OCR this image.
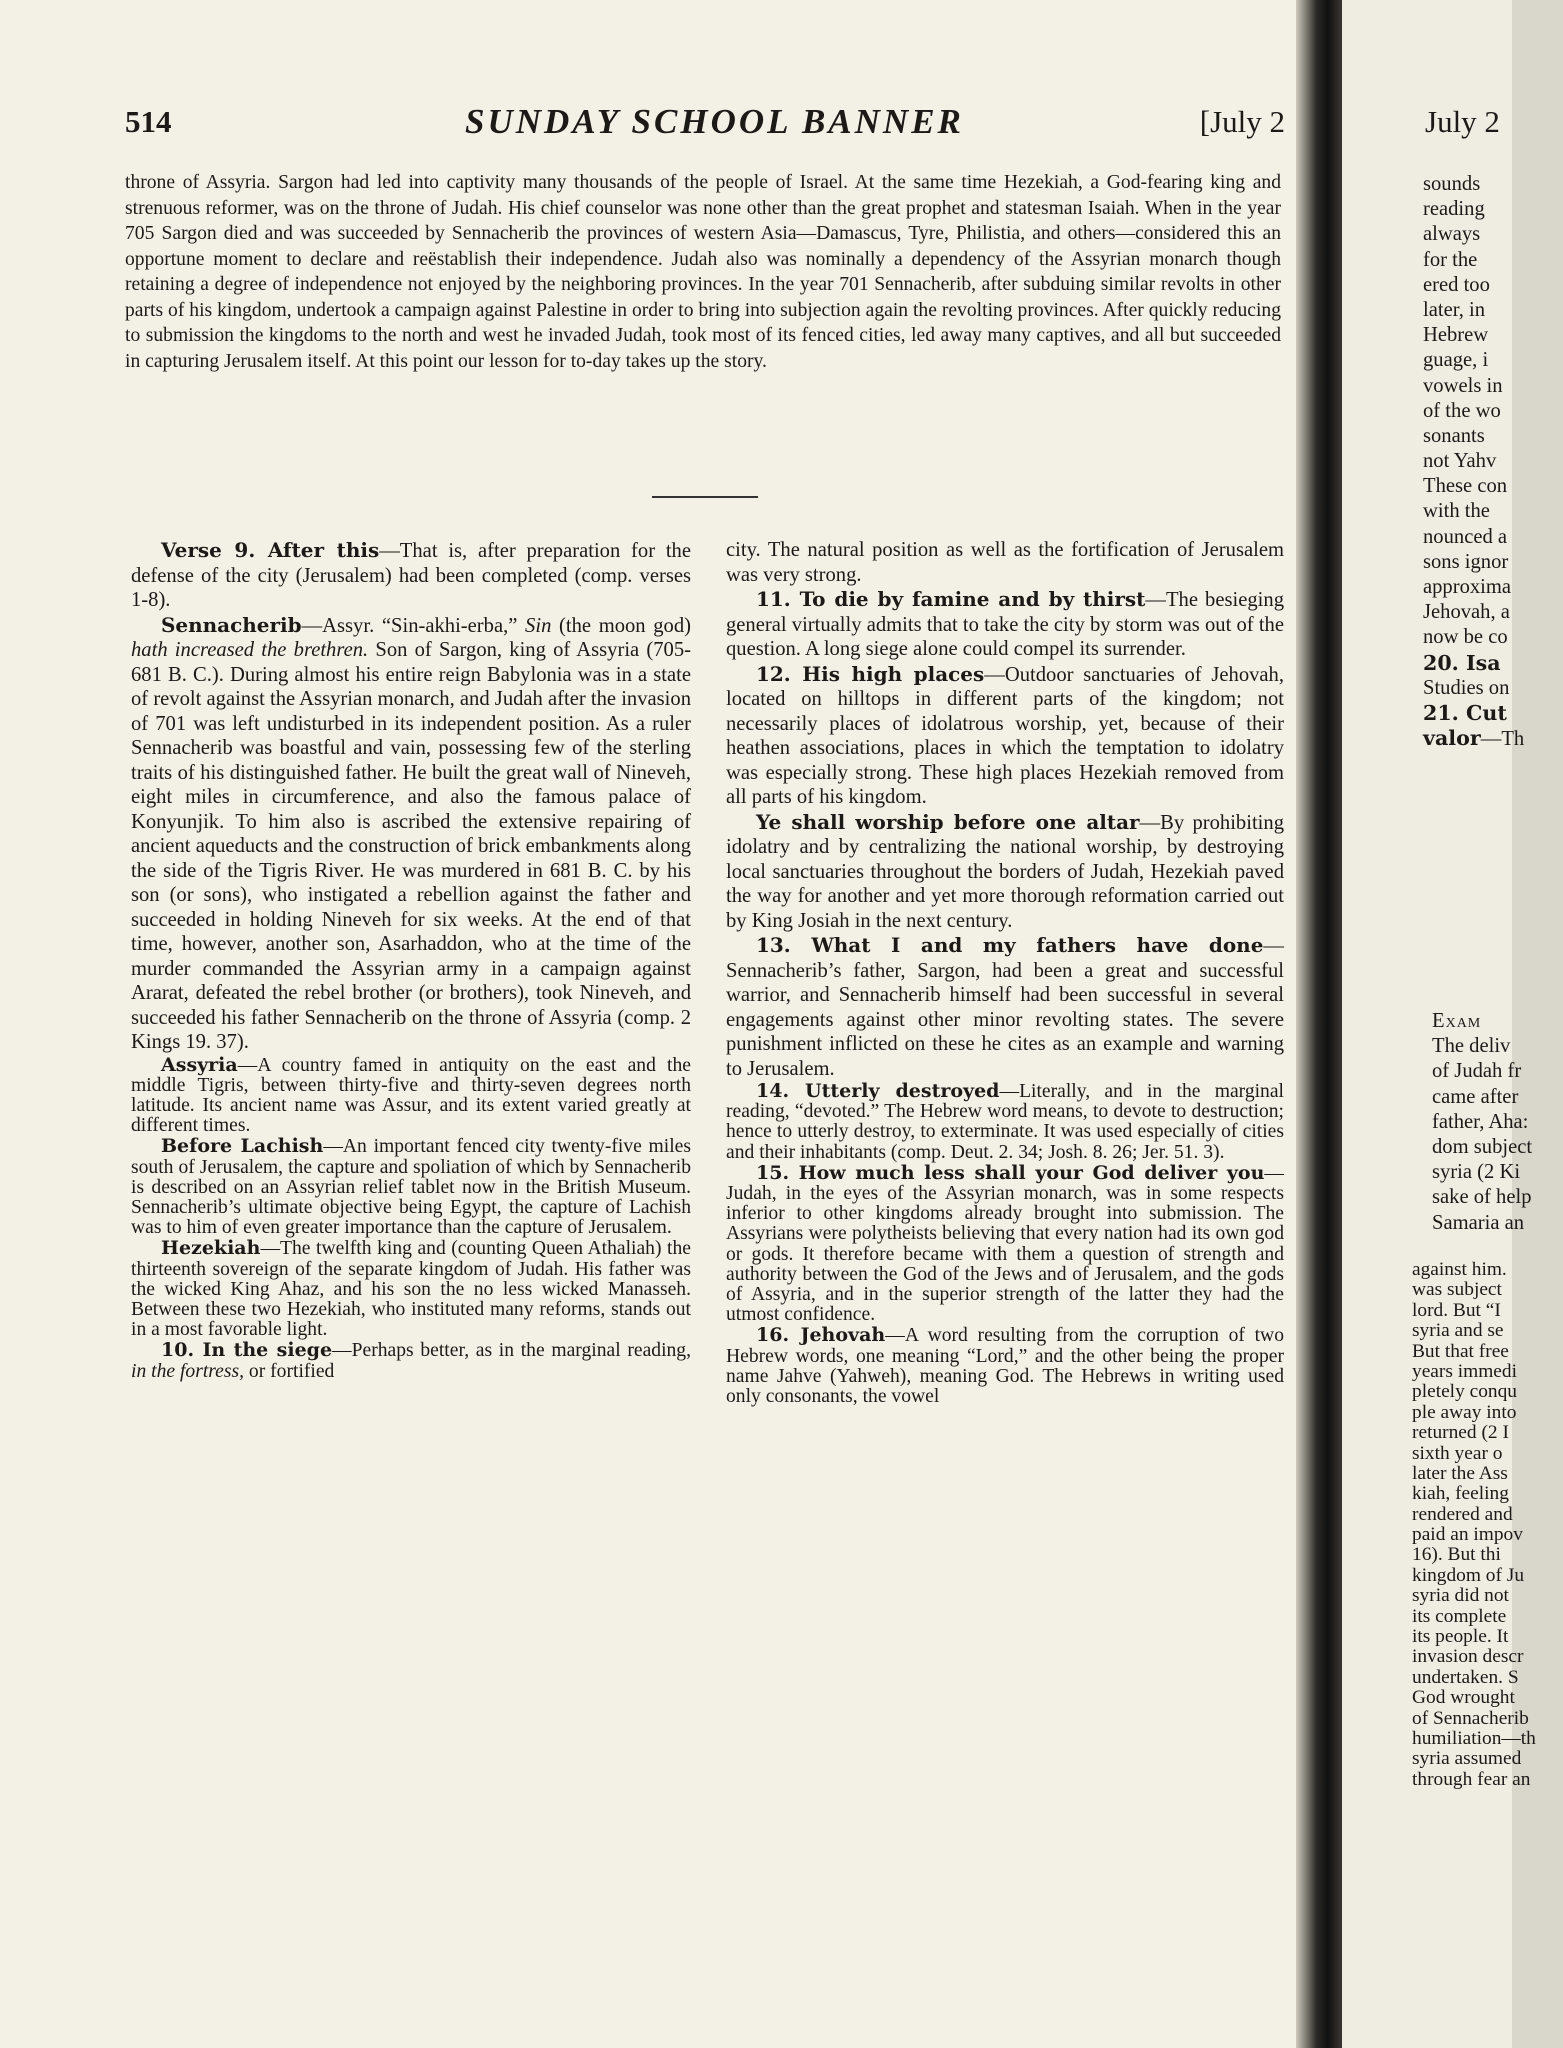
514	SUNDAY SCHOOL BANNER	[July 2

throne of Assyria. Sargon had led into captivity many thousands of the people of Israel. At the same time Hezekiah, a God-fearing king and strenuous reformer, was on the throne of Judah. His chief counselor was none other than the great prophet and statesman Isaiah. When in the year 705 Sargon died and was succeeded by Sennacherib the provinces of western Asia—Damascus, Tyre, Philistia, and others—considered this an opportune moment to declare and reëstablish their independence. Judah also was nominally a dependency of the Assyrian monarch though retaining a degree of independence not enjoyed by the neighboring provinces. In the year 701 Sennacherib, after subduing similar revolts in other parts of his kingdom, undertook a campaign against Palestine in order to bring into subjection again the revolting provinces. After quickly reducing to submission the kingdoms to the north and west he invaded Judah, took most of its fenced cities, led away many captives, and all but succeeded in capturing Jerusalem itself. At this point our lesson for to-day takes up the story.

Verse 9. After this—That is, after preparation for the defense of the city (Jerusalem) had been completed (comp. verses 1-8).

Sennacherib—Assyr. “Sin-akhi-erba,” Sin (the moon god) hath increased the brethren. Son of Sargon, king of Assyria (705-681 B. C.). During almost his entire reign Babylonia was in a state of revolt against the Assyrian monarch, and Judah after the invasion of 701 was left undisturbed in its independent position. As a ruler Sennacherib was boastful and vain, possessing few of the sterling traits of his distinguished father. He built the great wall of Nineveh, eight miles in circumference, and also the famous palace of Konyunjik. To him also is ascribed the extensive repairing of ancient aqueducts and the construction of brick embankments along the side of the Tigris River. He was murdered in 681 B. C. by his son (or sons), who instigated a rebellion against the father and succeeded in holding Nineveh for six weeks. At the end of that time, however, another son, Asarhaddon, who at the time of the murder commanded the Assyrian army in a campaign against Ararat, defeated the rebel brother (or brothers), took Nineveh, and succeeded his father Sennacherib on the throne of Assyria (comp. 2 Kings 19. 37).

Assyria—A country famed in antiquity on the east and the middle Tigris, between thirty-five and thirty-seven degrees north latitude. Its ancient name was Assur, and its extent varied greatly at different times.

Before Lachish—An important fenced city twenty-five miles south of Jerusalem, the capture and spoliation of which by Sennacherib is described on an Assyrian relief tablet now in the British Museum. Sennacherib’s ultimate objective being Egypt, the capture of Lachish was to him of even greater importance than the capture of Jerusalem.

Hezekiah—The twelfth king and (counting Queen Athaliah) the thirteenth sovereign of the separate kingdom of Judah. His father was the wicked King Ahaz, and his son the no less wicked Manasseh. Between these two Hezekiah, who instituted many reforms, stands out in a most favorable light.

10. In the siege—Perhaps better, as in the marginal reading, in the fortress, or fortified

city. The natural position as well as the fortification of Jerusalem was very strong.

11. To die by famine and by thirst—The besieging general virtually admits that to take the city by storm was out of the question. A long siege alone could compel its surrender.

12. His high places—Outdoor sanctuaries of Jehovah, located on hilltops in different parts of the kingdom; not necessarily places of idolatrous worship, yet, because of their heathen associations, places in which the temptation to idolatry was especially strong. These high places Hezekiah removed from all parts of his kingdom.

Ye shall worship before one altar—By prohibiting idolatry and by centralizing the national worship, by destroying local sanctuaries throughout the borders of Judah, Hezekiah paved the way for another and yet more thorough reformation carried out by King Josiah in the next century.

13. What I and my fathers have done—Sennacherib’s father, Sargon, had been a great and successful warrior, and Sennacherib himself had been successful in several engagements against other minor revolting states. The severe punishment inflicted on these he cites as an example and warning to Jerusalem.

14. Utterly destroyed—Literally, and in the marginal reading, “devoted.” The Hebrew word means, to devote to destruction; hence to utterly destroy, to exterminate. It was used especially of cities and their inhabitants (comp. Deut. 2. 34; Josh. 8. 26; Jer. 51. 3).

15. How much less shall your God deliver you—Judah, in the eyes of the Assyrian monarch, was in some respects inferior to other kingdoms already brought into submission. The Assyrians were polytheists believing that every nation had its own god or gods. It therefore became with them a question of strength and authority between the God of the Jews and of Jerusalem, and the gods of Assyria, and in the superior strength of the latter they had the utmost confidence.

16. Jehovah—A word resulting from the corruption of two Hebrew words, one meaning “Lord,” and the other being the proper name Jahve (Yahweh), meaning God. The Hebrews in writing used only consonants, the vowel

July 2
sounds
reading
always
for the
ered too
later, in
Hebrew
guage, i
vowels in
of the wo
sonants
not Yahv
These con
with the
nounced a
sons ignor
approxima
Jehovah, a
now be co
20. Isa
Studies on
21. Cut
valor—Th
Exam
The deliv
of Judah fr
came after
father, Aha:
dom subject
syria (2 Ki
sake of help
Samaria an
against him.
was subject
lord. But “I
syria and se
But that free
years immedi
pletely conqu
ple away into
returned (2 I
sixth year o
later the Ass
kiah, feeling
rendered and
paid an impov
16). But thi
kingdom of Ju
syria did not
its complete
its people. It
invasion descr
undertaken. S
God wrought
of Sennacherib
humiliation—th
syria assumed
through fear an
